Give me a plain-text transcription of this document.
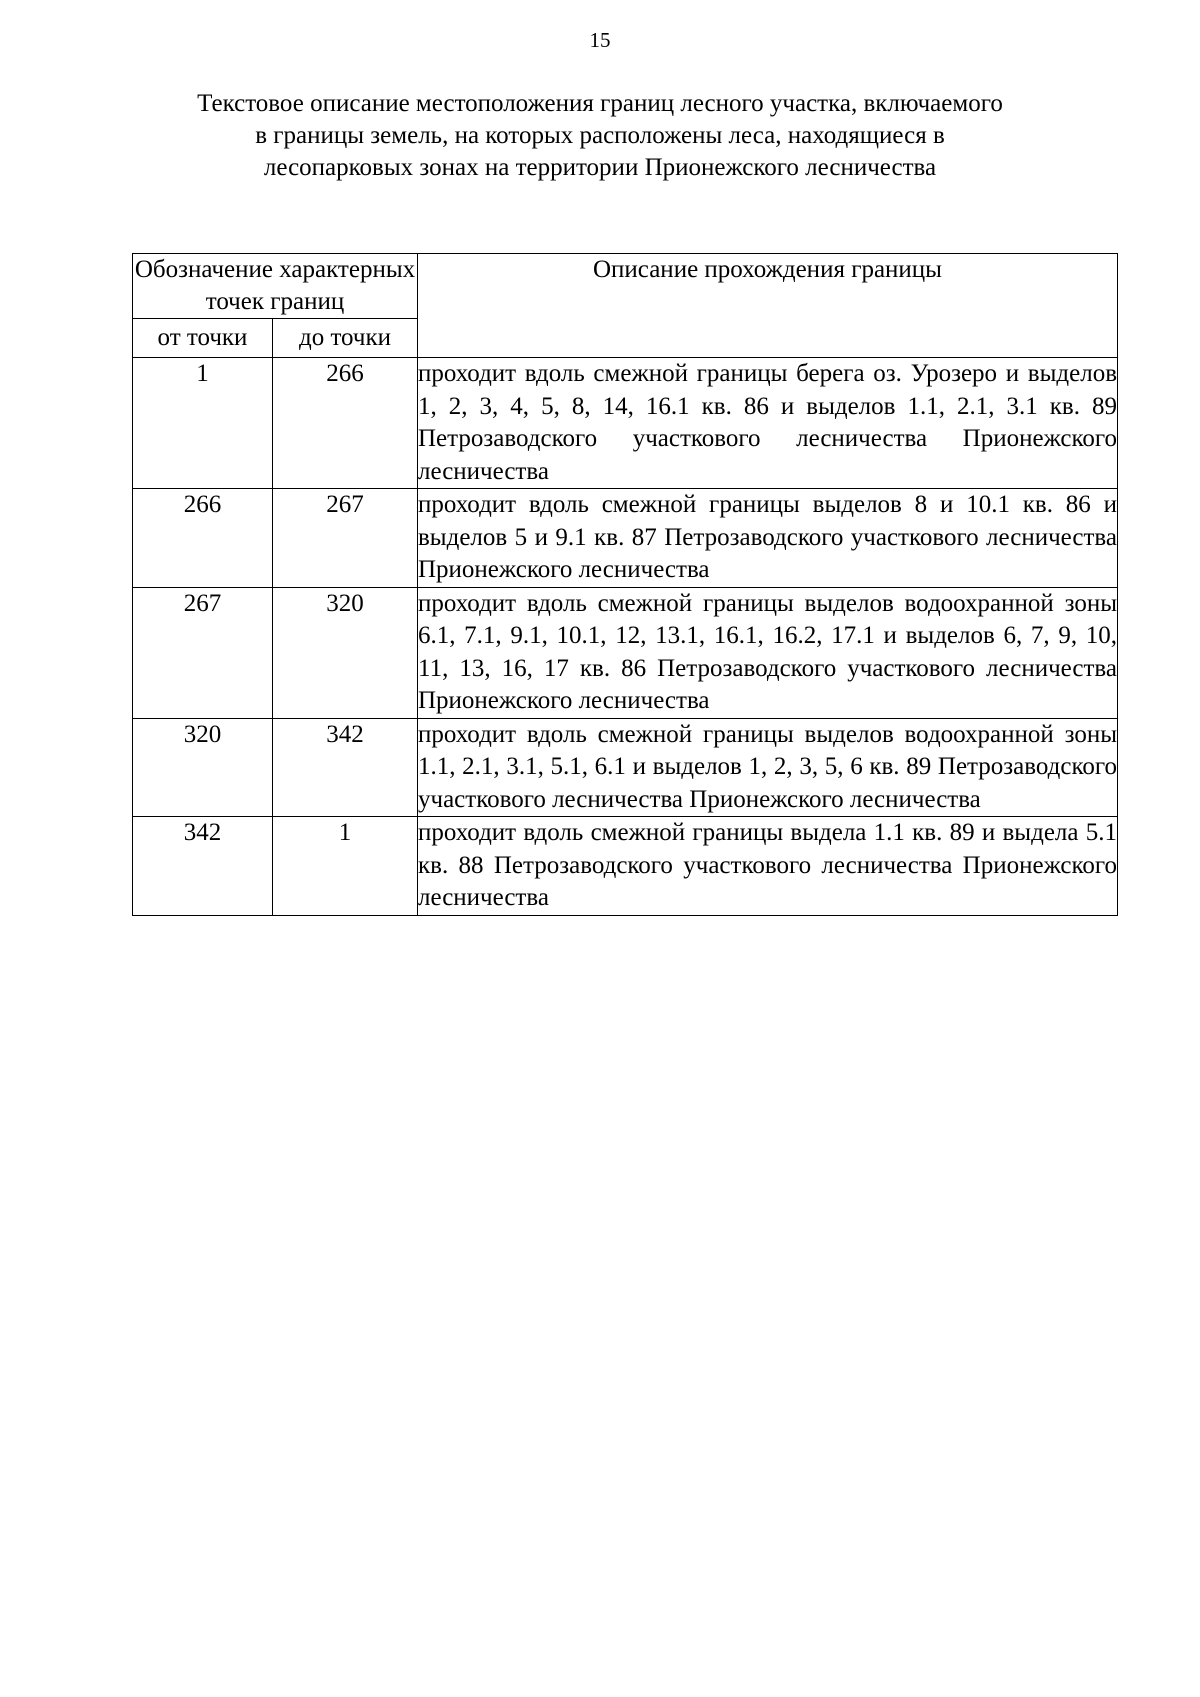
15
Текстовое описание местоположения границ лесного участка, включаемого
в границы земель, на которых расположены леса, находящиеся в
лесопарковых зонах на территории Прионежского лесничества
Обозначение характерных точек границ		Описание прохождения границы
от точки	до точки	
1	266	проходит вдоль смежной границы берега оз. Урозеро и выделов 1, 2, 3, 4, 5, 8, 14, 16.1 кв. 86 и выделов 1.1, 2.1, 3.1 кв. 89 Петрозаводского участкового лесничества Прионежского лесничества
266	267	проходит вдоль смежной границы выделов 8 и 10.1 кв. 86 и выделов 5 и 9.1 кв. 87 Петрозаводского участкового лесничества Прионежского лесничества
267	320	проходит вдоль смежной границы выделов водоохранной зоны 6.1, 7.1, 9.1, 10.1, 12, 13.1, 16.1, 16.2, 17.1 и выделов 6, 7, 9, 10, 11, 13, 16, 17 кв. 86 Петрозаводского участкового лесничества Прионежского лесничества
320	342	проходит вдоль смежной границы выделов водоохранной зоны 1.1, 2.1, 3.1, 5.1, 6.1 и выделов 1, 2, 3, 5, 6 кв. 89 Петрозаводского участкового лесничества Прионежского лесничества
342	1	проходит вдоль смежной границы выдела 1.1 кв. 89 и выдела 5.1 кв. 88 Петрозаводского участкового лесничества Прионежского лесничества
